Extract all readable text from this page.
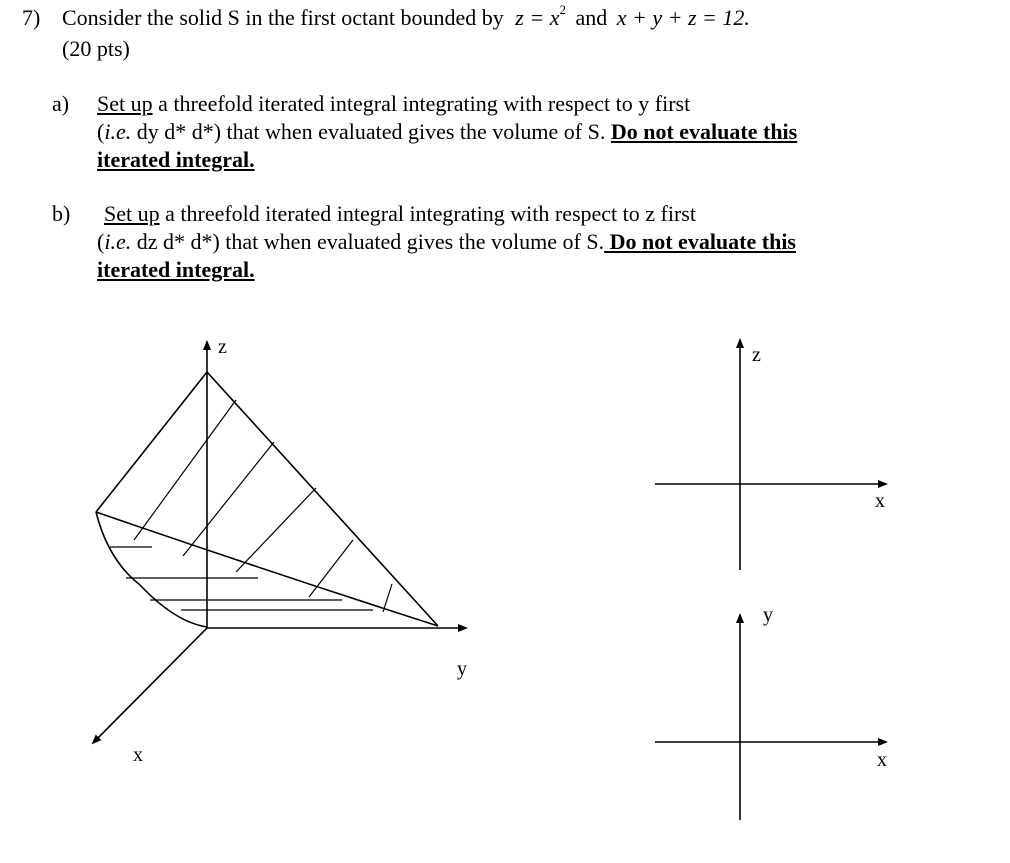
7) Consider the solid S in the first octant bounded by $z = x^2$ and x + y + z = 12.
(20 pts)
a) Set up a threefold iterated integral integrating with respect to y first
(i.e. dy d* d*) that when evaluated gives the volume of S. Do not evaluate this
iterated integral.
b) Set up a threefold iterated integral integrating with respect to z first
(i.e. dz d* d*) that when evaluated gives the volume of S. Do not evaluate this
iterated integral.
z
y
x
z
x
y
x
